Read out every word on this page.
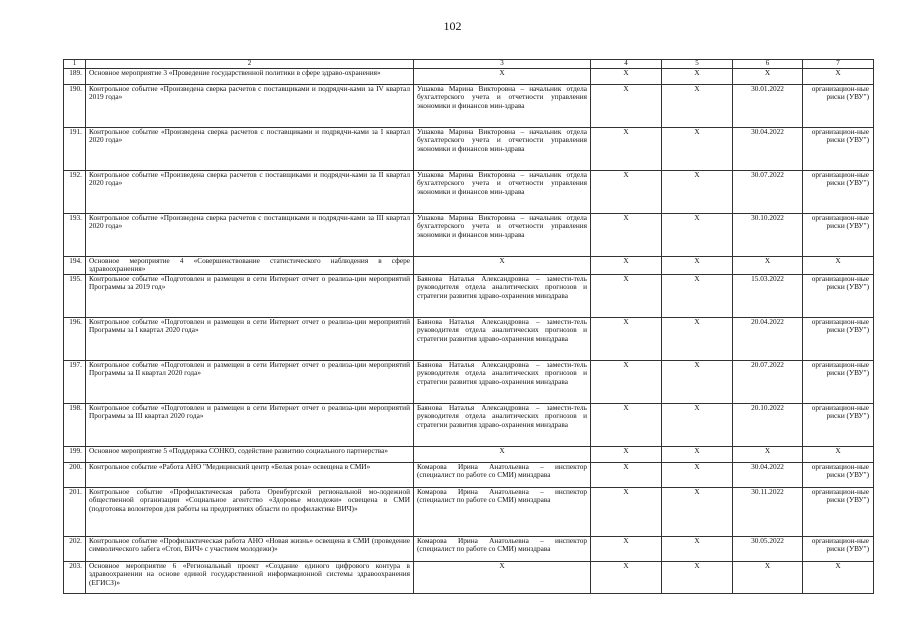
102
1	2	3	4	5	6	7
189.	Основное мероприятие 3 «Проведение государственной политики в сфере здраво-охранения»	Х	Х	Х	Х	Х
190.	Контрольное событие «Произведена сверка расчетов с поставщиками и подрядчи-ками за IV квартал 2019 года»	Ушакова Марина Викторовна – начальник отдела бухгалтерского учета и отчетности управления экономики и финансов мин-здрава	Х	Х	30.01.2022	организацион-ные риски (УВУ")
191.	Контрольное событие «Произведена сверка расчетов с поставщиками и подрядчи-ками за I квартал 2020 года»	Ушакова Марина Викторовна – начальник отдела бухгалтерского учета и отчетности управления экономики и финансов мин-здрава	Х	Х	30.04.2022	организацион-ные риски (УВУ")
192.	Контрольное событие «Произведена сверка расчетов с поставщиками и подрядчи-ками за II квартал 2020 года»	Ушакова Марина Викторовна – начальник отдела бухгалтерского учета и отчетности управления экономики и финансов мин-здрава	Х	Х	30.07.2022	организацион-ные риски (УВУ")
193.	Контрольное событие «Произведена сверка расчетов с поставщиками и подрядчи-ками за III квартал 2020 года»	Ушакова Марина Викторовна – начальник отдела бухгалтерского учета и отчетности управления экономики и финансов мин-здрава	Х	Х	30.10.2022	организацион-ные риски (УВУ")
194.	Основное мероприятие 4 «Совершенствование статистического наблюдения в сфере здравоохранения»	Х	Х	Х	Х	Х
195.	Контрольное событие «Подготовлен и размещен в сети Интернет отчет о реализа-ции мероприятий Программы за 2019 год»	Баянова Наталья Александровна – замести-тель руководителя отдела аналитических прогнозов и стратегии развития здраво-охранения минздрава	Х	Х	15.03.2022	организацион-ные риски (УВУ")
196.	Контрольное событие «Подготовлен и размещен в сети Интернет отчет о реализа-ции мероприятий Программы за I квартал 2020 года»	Баянова Наталья Александровна – замести-тель руководителя отдела аналитических прогнозов и стратегии развития здраво-охранения минздрава	Х	Х	20.04.2022	организацион-ные риски (УВУ")
197.	Контрольное событие «Подготовлен и размещен в сети Интернет отчет о реализа-ции мероприятий Программы за II квартал 2020 года»	Баянова Наталья Александровна – замести-тель руководителя отдела аналитических прогнозов и стратегии развития здраво-охранения минздрава	Х	Х	20.07.2022	организацион-ные риски (УВУ")
198.	Контрольное событие «Подготовлен и размещен в сети Интернет отчет о реализа-ции мероприятий Программы за III квартал 2020 года»	Баянова Наталья Александровна – замести-тель руководителя отдела аналитических прогнозов и стратегии развития здраво-охранения минздрава	Х	Х	20.10.2022	организацион-ные риски (УВУ")
199.	Основное мероприятие 5 «Поддержка СОНКО, содействие развитию социального партнерства»	Х	Х	Х	Х	Х
200.	Контрольное событие «Работа АНО "Медицинский центр «Белая роза» освещена в СМИ»	Комарова Ирина Анатольевна – инспектор (специалист по работе со СМИ) минздрава	Х	Х	30.04.2022	организацион-ные риски (УВУ")
201.	Контрольное событие «Профилактическая работа Оренбургской региональной мо-лодежной общественной организации «Социальное агентство «Здоровье молодежи» освещена в СМИ (подготовка волонтеров для работы на предприятиях области по профилактике ВИЧ)»	Комарова Ирина Анатольевна – инспектор (специалист по работе со СМИ) минздрава	Х	Х	30.11.2022	организацион-ные риски (УВУ")
202.	Контрольное событие «Профилактическая работа АНО «Новая жизнь» освещена в СМИ (проведение символического забега «Стоп, ВИЧ» с участием молодежи)»	Комарова Ирина Анатольевна – инспектор (специалист по работе со СМИ) минздрава	Х	Х	30.05.2022	организацион-ные риски (УВУ")
203.	Основное мероприятие 6 «Региональный проект «Создание единого цифрового контура в здравоохранении на основе единой государственной информационной системы здравоохранения (ЕГИСЗ)»	Х	Х	Х	Х	Х
